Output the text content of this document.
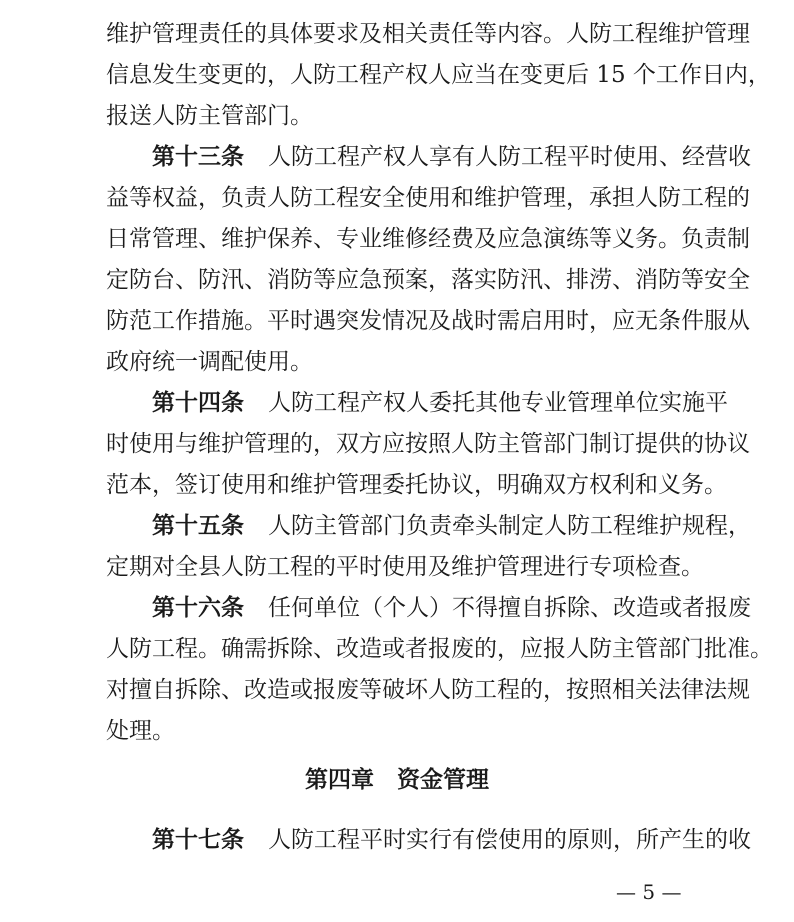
维护管理责任的具体要求及相关责任等内容。人防工程维护管理
信息发生变更的，人防工程产权人应当在变更后 15 个工作日内，
报送人防主管部门。
第十三条 人防工程产权人享有人防工程平时使用、经营收
益等权益，负责人防工程安全使用和维护管理，承担人防工程的
日常管理、维护保养、专业维修经费及应急演练等义务。负责制
定防台、防汛、消防等应急预案，落实防汛、排涝、消防等安全
防范工作措施。平时遇突发情况及战时需启用时，应无条件服从
政府统一调配使用。
第十四条 人防工程产权人委托其他专业管理单位实施平
时使用与维护管理的，双方应按照人防主管部门制订提供的协议
范本，签订使用和维护管理委托协议，明确双方权利和义务。
第十五条 人防主管部门负责牵头制定人防工程维护规程，
定期对全县人防工程的平时使用及维护管理进行专项检查。
第十六条 任何单位（个人）不得擅自拆除、改造或者报废
人防工程。确需拆除、改造或者报废的，应报人防主管部门批准。
对擅自拆除、改造或报废等破坏人防工程的，按照相关法律法规
处理。
第四章　资金管理
第十七条 人防工程平时实行有偿使用的原则，所产生的收
— 5 —
